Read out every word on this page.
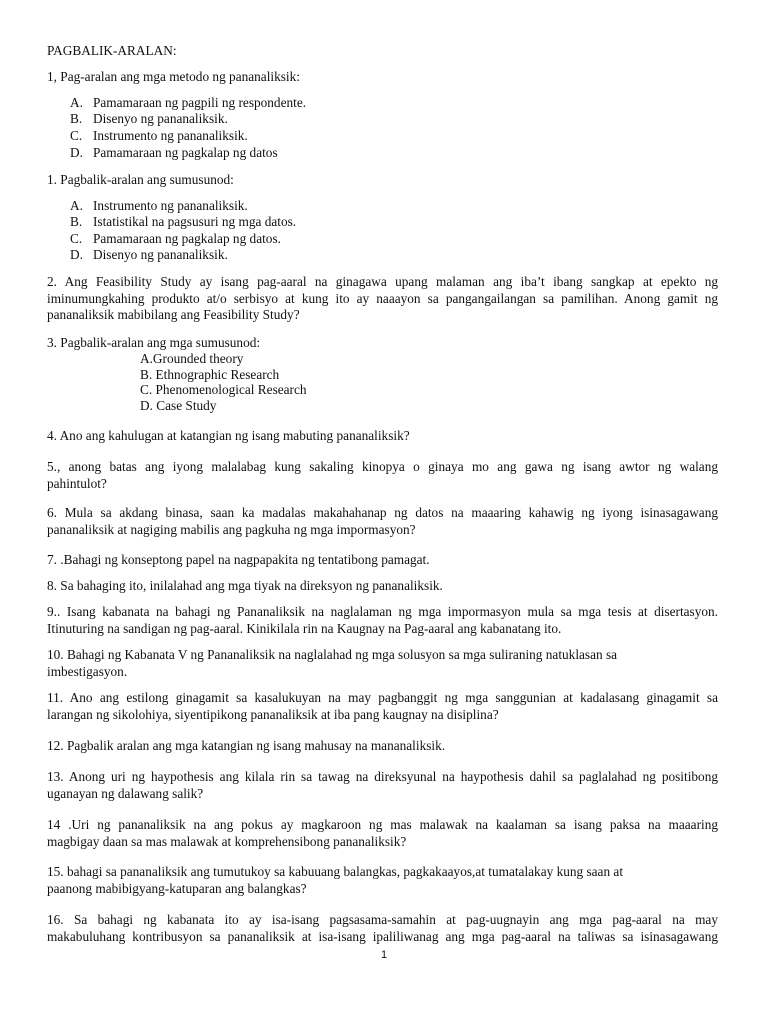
PAGBALIK-ARALAN:
1, Pag-aralan ang mga metodo ng pananaliksik:
A. Pamamaraan ng pagpili ng respondente.
B. Disenyo ng pananaliksik.
C. Instrumento ng pananaliksik.
D. Pamamaraan ng pagkalap ng datos
1. Pagbalik-aralan ang sumusunod:
A. Instrumento ng pananaliksik.
B. Istatistikal na pagsusuri ng mga datos.
C. Pamamaraan ng pagkalap ng datos.
D. Disenyo ng pananaliksik.
2. Ang Feasibility Study ay isang pag-aaral na ginagawa upang malaman ang iba’t ibang sangkap at epekto ng
iminumungkahing produkto at/o serbisyo at kung ito ay naaayon sa pangangailangan sa pamilihan. Anong gamit ng
pananaliksik mabibilang ang Feasibility Study?
3. Pagbalik-aralan ang mga sumusunod:
A.Grounded theory
B. Ethnographic Research
C. Phenomenological Research
D. Case Study
4. Ano ang kahulugan at katangian ng isang mabuting pananaliksik?
5., anong batas ang iyong malalabag kung sakaling kinopya o ginaya mo ang gawa ng isang awtor ng walang
pahintulot?
6. Mula sa akdang binasa, saan ka madalas makahahanap ng datos na maaaring kahawig ng iyong isinasagawang
pananaliksik at nagiging mabilis ang pagkuha ng mga impormasyon?
7. .Bahagi ng konseptong papel na nagpapakita ng tentatibong pamagat.
8. Sa bahaging ito, inilalahad ang mga tiyak na direksyon ng pananaliksik.
9.. Isang kabanata na bahagi ng Pananaliksik na naglalaman ng mga impormasyon mula sa mga tesis at disertasyon.
Itinuturing na sandigan ng pag-aaral. Kinikilala rin na Kaugnay na Pag-aaral ang kabanatang ito.
10. Bahagi ng Kabanata V ng Pananaliksik na naglalahad ng mga solusyon sa mga suliraning natuklasan sa
imbestigasyon.
11. Ano ang estilong ginagamit sa kasalukuyan na may pagbanggit ng mga sanggunian at kadalasang ginagamit sa
larangan ng sikolohiya, siyentipikong pananaliksik at iba pang kaugnay na disiplina?
12. Pagbalik aralan ang mga katangian ng isang mahusay na mananaliksik.
13. Anong uri ng haypothesis ang kilala rin sa tawag na direksyunal na haypothesis dahil sa paglalahad ng positibong
uganayan ng dalawang salik?
14 .Uri ng pananaliksik na ang pokus ay magkaroon ng mas malawak na kaalaman sa isang paksa na maaaring
magbigay daan sa mas malawak at komprehensibong pananaliksik?
15. bahagi sa pananaliksik ang tumutukoy sa kabuuang balangkas, pagkakaayos,at tumatalakay kung saan at
paanong mabibigyang-katuparan ang balangkas?
16. Sa bahagi ng kabanata ito ay isa-isang pagsasama-samahin at pag-uugnayin ang mga pag-aaral na may
makabuluhang kontribusyon sa pananaliksik at isa-isang ipaliliwanag ang mga pag-aaral na taliwas sa isinasagawang
1
